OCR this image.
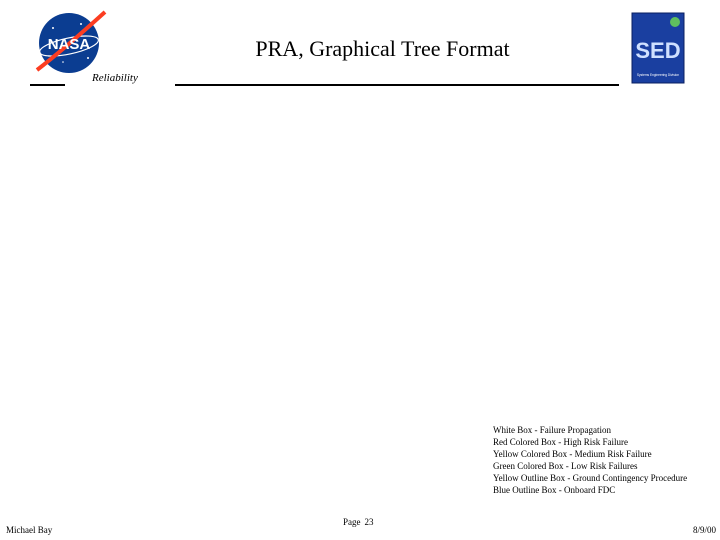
NASA	PRA, Graphical Tree Format
Reliability
SED
Systems Engineering Division
White Box - Failure Propagation
Red Colored Box - High Risk Failure
Yellow Colored Box - Medium Risk Failure
Green Colored Box - Low Risk Failures
Yellow Outline Box - Ground Contingency Procedure
Blue Outline Box - Onboard FDC
Michael Bay
Page 23
8/9/00
